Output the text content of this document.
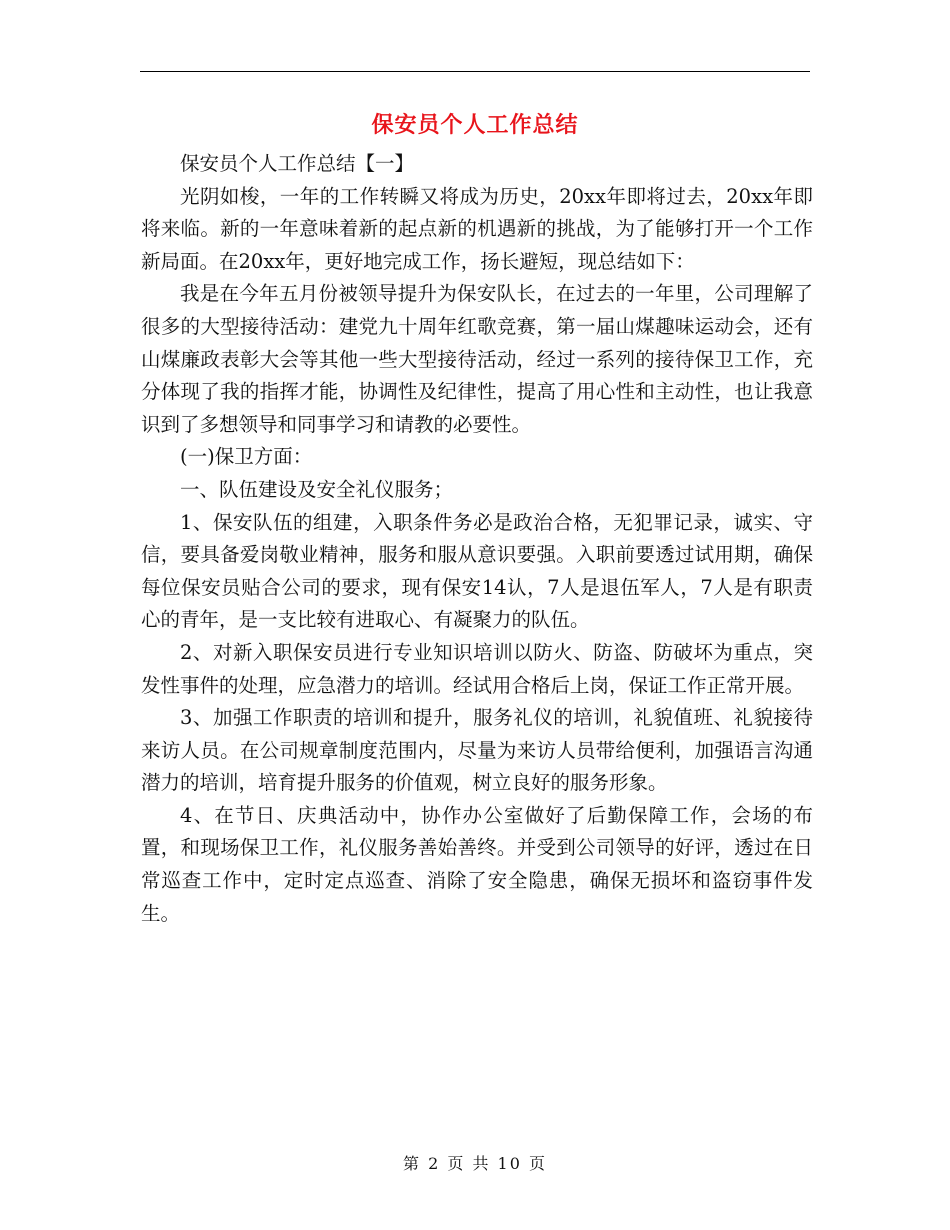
保安员个人工作总结

保安员个人工作总结【一】

光阴如梭，一年的工作转瞬又将成为历史，20xx年即将过去，20xx年即将来临。新的一年意味着新的起点新的机遇新的挑战，为了能够打开一个工作新局面。在20xx年，更好地完成工作，扬长避短，现总结如下：

我是在今年五月份被领导提升为保安队长，在过去的一年里，公司理解了很多的大型接待活动：建党九十周年红歌竞赛，第一届山煤趣味运动会，还有山煤廉政表彰大会等其他一些大型接待活动，经过一系列的接待保卫工作，充分体现了我的指挥才能，协调性及纪律性，提高了用心性和主动性，也让我意识到了多想领导和同事学习和请教的必要性。

(一)保卫方面：

一、队伍建设及安全礼仪服务；

1、保安队伍的组建，入职条件务必是政治合格，无犯罪记录，诚实、守信，要具备爱岗敬业精神，服务和服从意识要强。入职前要透过试用期，确保每位保安员贴合公司的要求，现有保安14认，7人是退伍军人，7人是有职责心的青年，是一支比较有进取心、有凝聚力的队伍。

2、对新入职保安员进行专业知识培训以防火、防盗、防破坏为重点，突发性事件的处理，应急潜力的培训。经试用合格后上岗，保证工作正常开展。

3、加强工作职责的培训和提升，服务礼仪的培训，礼貌值班、礼貌接待来访人员。在公司规章制度范围内，尽量为来访人员带给便利，加强语言沟通潜力的培训，培育提升服务的价值观，树立良好的服务形象。

4、在节日、庆典活动中，协作办公室做好了后勤保障工作，会场的布置，和现场保卫工作，礼仪服务善始善终。并受到公司领导的好评，透过在日常巡查工作中，定时定点巡查、消除了安全隐患，确保无损坏和盗窃事件发生。

第 2 页 共 10 页
